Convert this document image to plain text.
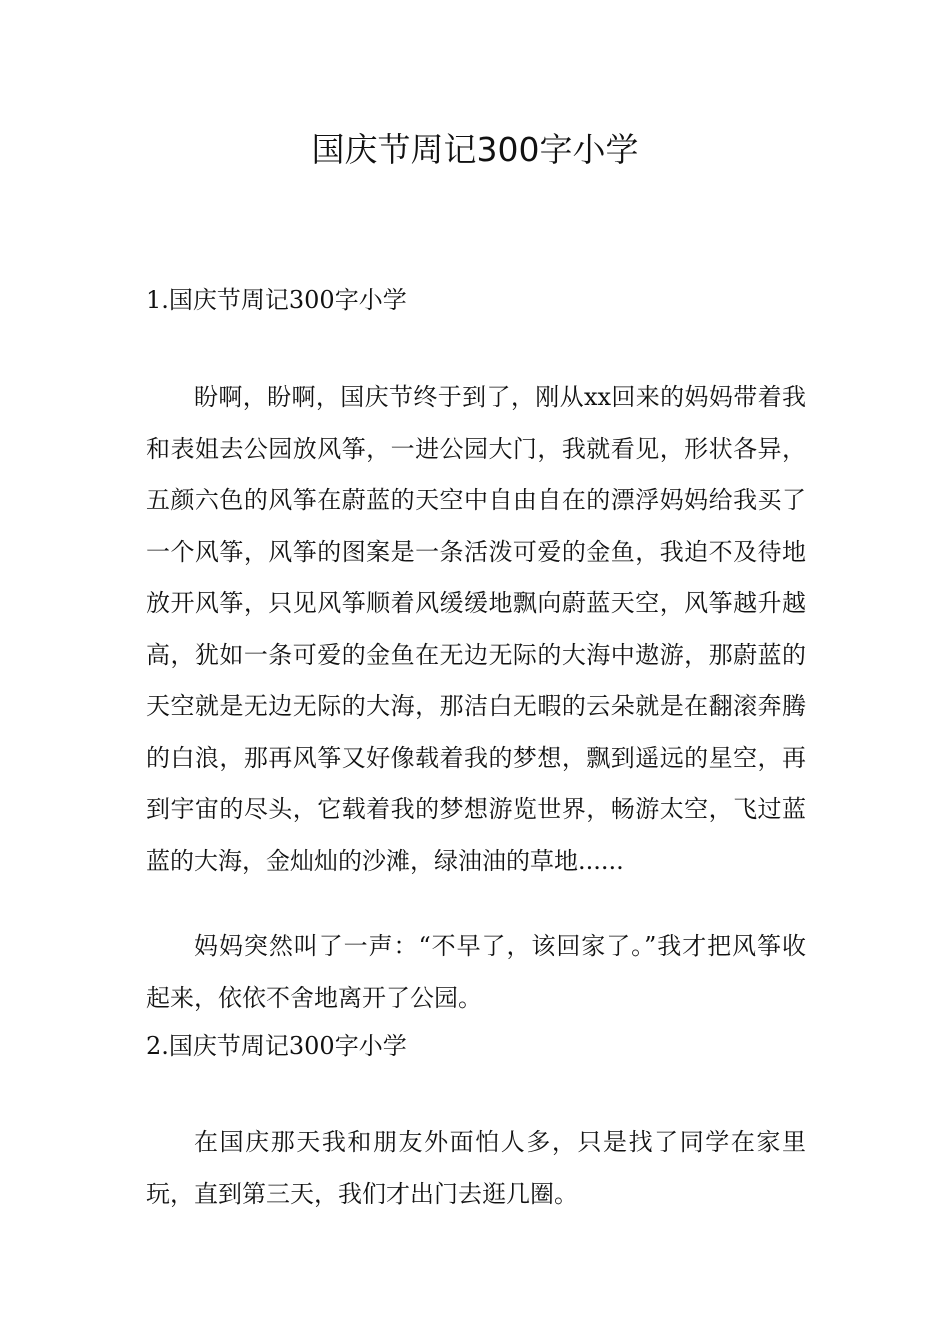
国庆节周记300字小学
1.国庆节周记300字小学

盼啊，盼啊，国庆节终于到了，刚从xx回来的妈妈带着我和表姐去公园放风筝，一进公园大门，我就看见，形状各异，五颜六色的风筝在蔚蓝的天空中自由自在的漂浮妈妈给我买了一个风筝，风筝的图案是一条活泼可爱的金鱼，我迫不及待地放开风筝，只见风筝顺着风缓缓地飘向蔚蓝天空，风筝越升越高，犹如一条可爱的金鱼在无边无际的大海中遨游，那蔚蓝的天空就是无边无际的大海，那洁白无暇的云朵就是在翻滚奔腾的白浪，那再风筝又好像载着我的梦想，飘到遥远的星空，再到宇宙的尽头，它载着我的梦想游览世界，畅游太空，飞过蓝蓝的大海，金灿灿的沙滩，绿油油的草地......

妈妈突然叫了一声：“不早了，该回家了。”我才把风筝收起来，依依不舍地离开了公园。

2.国庆节周记300字小学

在国庆那天我和朋友外面怕人多，只是找了同学在家里玩，直到第三天，我们才出门去逛几圈。
